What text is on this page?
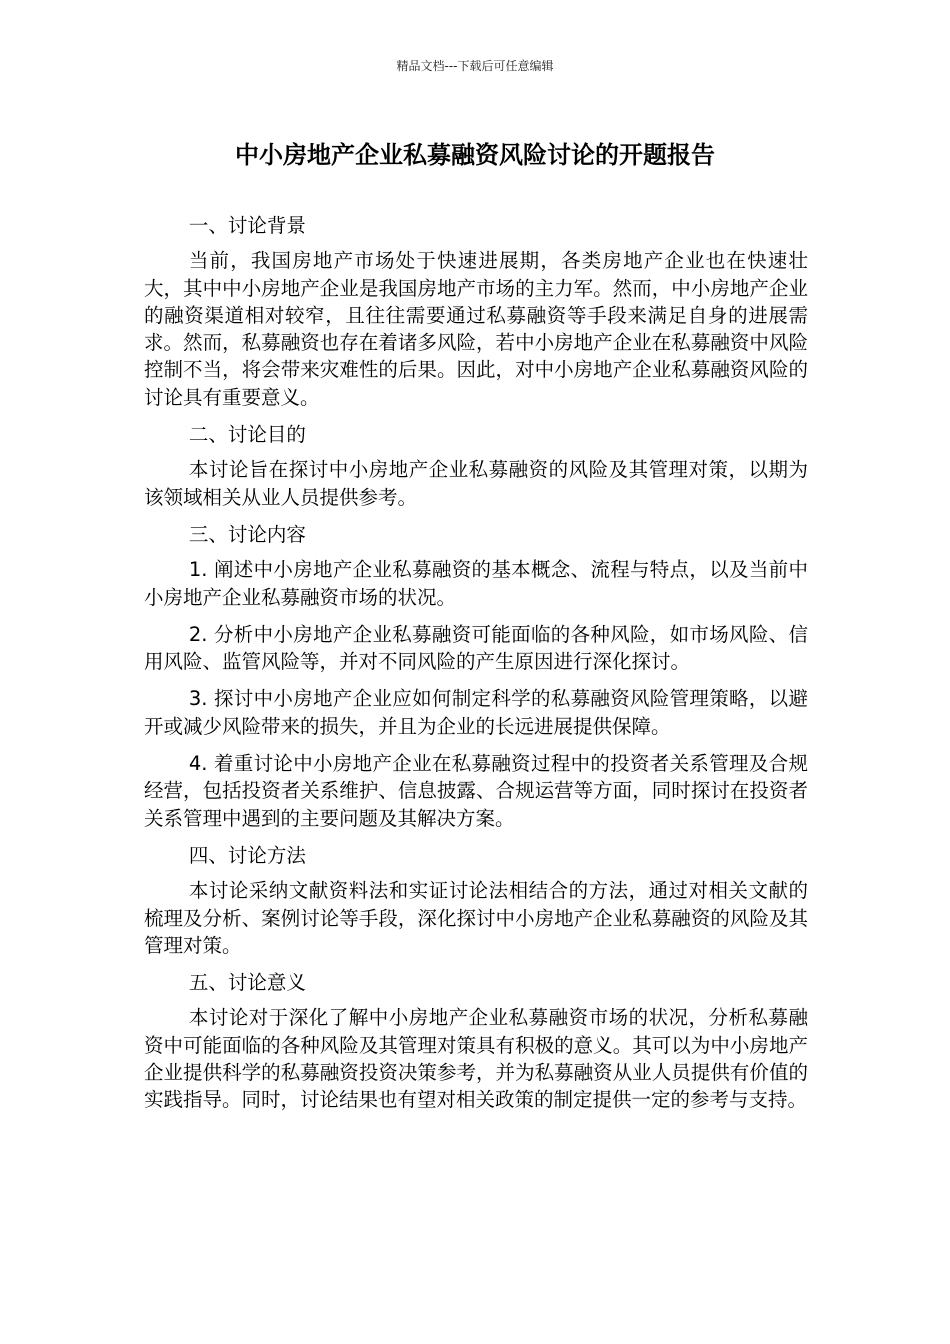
精品文档---下载后可任意编辑
中小房地产企业私募融资风险讨论的开题报告

一、讨论背景

当前，我国房地产市场处于快速进展期，各类房地产企业也在快速壮大，其中中小房地产企业是我国房地产市场的主力军。然而，中小房地产企业的融资渠道相对较窄，且往往需要通过私募融资等手段来满足自身的进展需求。然而，私募融资也存在着诸多风险，若中小房地产企业在私募融资中风险控制不当，将会带来灾难性的后果。因此，对中小房地产企业私募融资风险的讨论具有重要意义。

二、讨论目的

本讨论旨在探讨中小房地产企业私募融资的风险及其管理对策，以期为该领域相关从业人员提供参考。

三、讨论内容

1. 阐述中小房地产企业私募融资的基本概念、流程与特点，以及当前中小房地产企业私募融资市场的状况。

2. 分析中小房地产企业私募融资可能面临的各种风险，如市场风险、信用风险、监管风险等，并对不同风险的产生原因进行深化探讨。

3. 探讨中小房地产企业应如何制定科学的私募融资风险管理策略，以避开或减少风险带来的损失，并且为企业的长远进展提供保障。

4. 着重讨论中小房地产企业在私募融资过程中的投资者关系管理及合规经营，包括投资者关系维护、信息披露、合规运营等方面，同时探讨在投资者关系管理中遇到的主要问题及其解决方案。

四、讨论方法

本讨论采纳文献资料法和实证讨论法相结合的方法，通过对相关文献的梳理及分析、案例讨论等手段，深化探讨中小房地产企业私募融资的风险及其管理对策。

五、讨论意义

本讨论对于深化了解中小房地产企业私募融资市场的状况，分析私募融资中可能面临的各种风险及其管理对策具有积极的意义。其可以为中小房地产企业提供科学的私募融资投资决策参考，并为私募融资从业人员提供有价值的实践指导。同时，讨论结果也有望对相关政策的制定提供一定的参考与支持。
